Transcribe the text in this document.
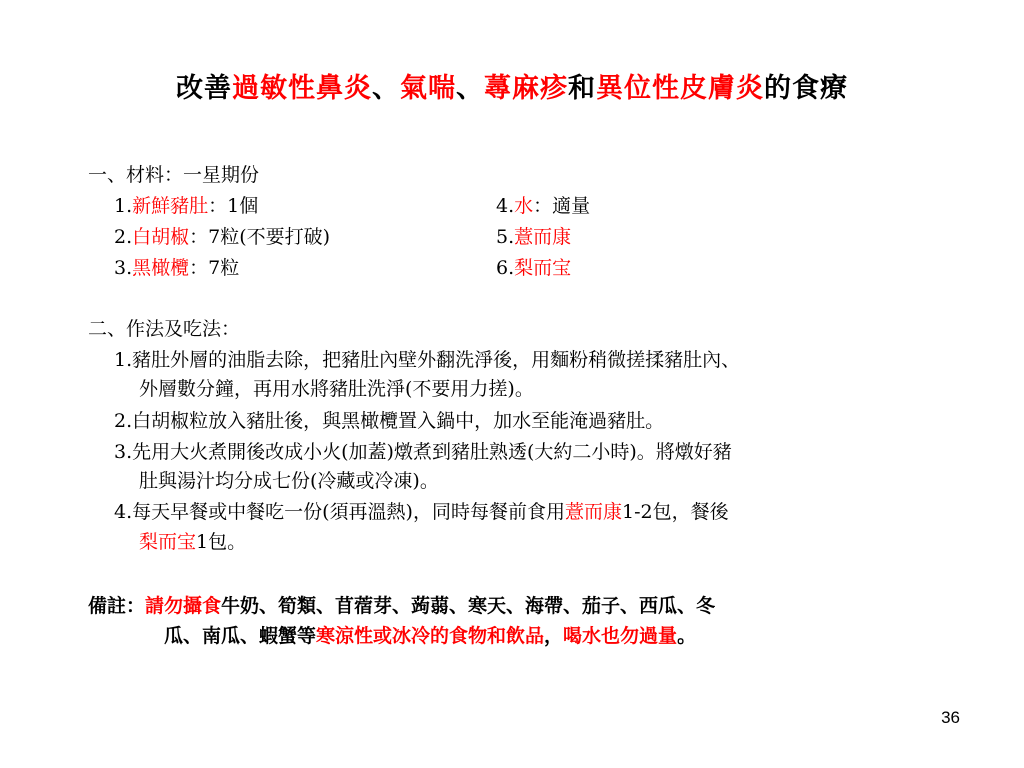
改善過敏性鼻炎、氣喘、蕁麻疹和異位性皮膚炎的食療
一、材料：一星期份
1.新鮮豬肚：1個
2.白胡椒：7粒(不要打破)
3.黑橄欖：7粒
4.水：適量
5.薏而康
6.梨而宝
二、作法及吃法：
1.豬肚外層的油脂去除，把豬肚內壁外翻洗淨後，用麵粉稍微搓揉豬肚內、
外層數分鐘，再用水將豬肚洗淨(不要用力搓)。
2.白胡椒粒放入豬肚後，與黑橄欖置入鍋中，加水至能淹過豬肚。
3.先用大火煮開後改成小火(加蓋)燉煮到豬肚熟透(大約二小時)。將燉好豬
肚與湯汁均分成七份(冷藏或冷凍)。
4.每天早餐或中餐吃一份(須再溫熱)，同時每餐前食用薏而康1-2包，餐後
梨而宝1包。
備註：請勿攝食牛奶、筍類、苜蓿芽、蒟蒻、寒天、海帶、茄子、西瓜、冬
瓜、南瓜、蝦蟹等寒涼性或冰冷的食物和飲品，喝水也勿過量。
36
